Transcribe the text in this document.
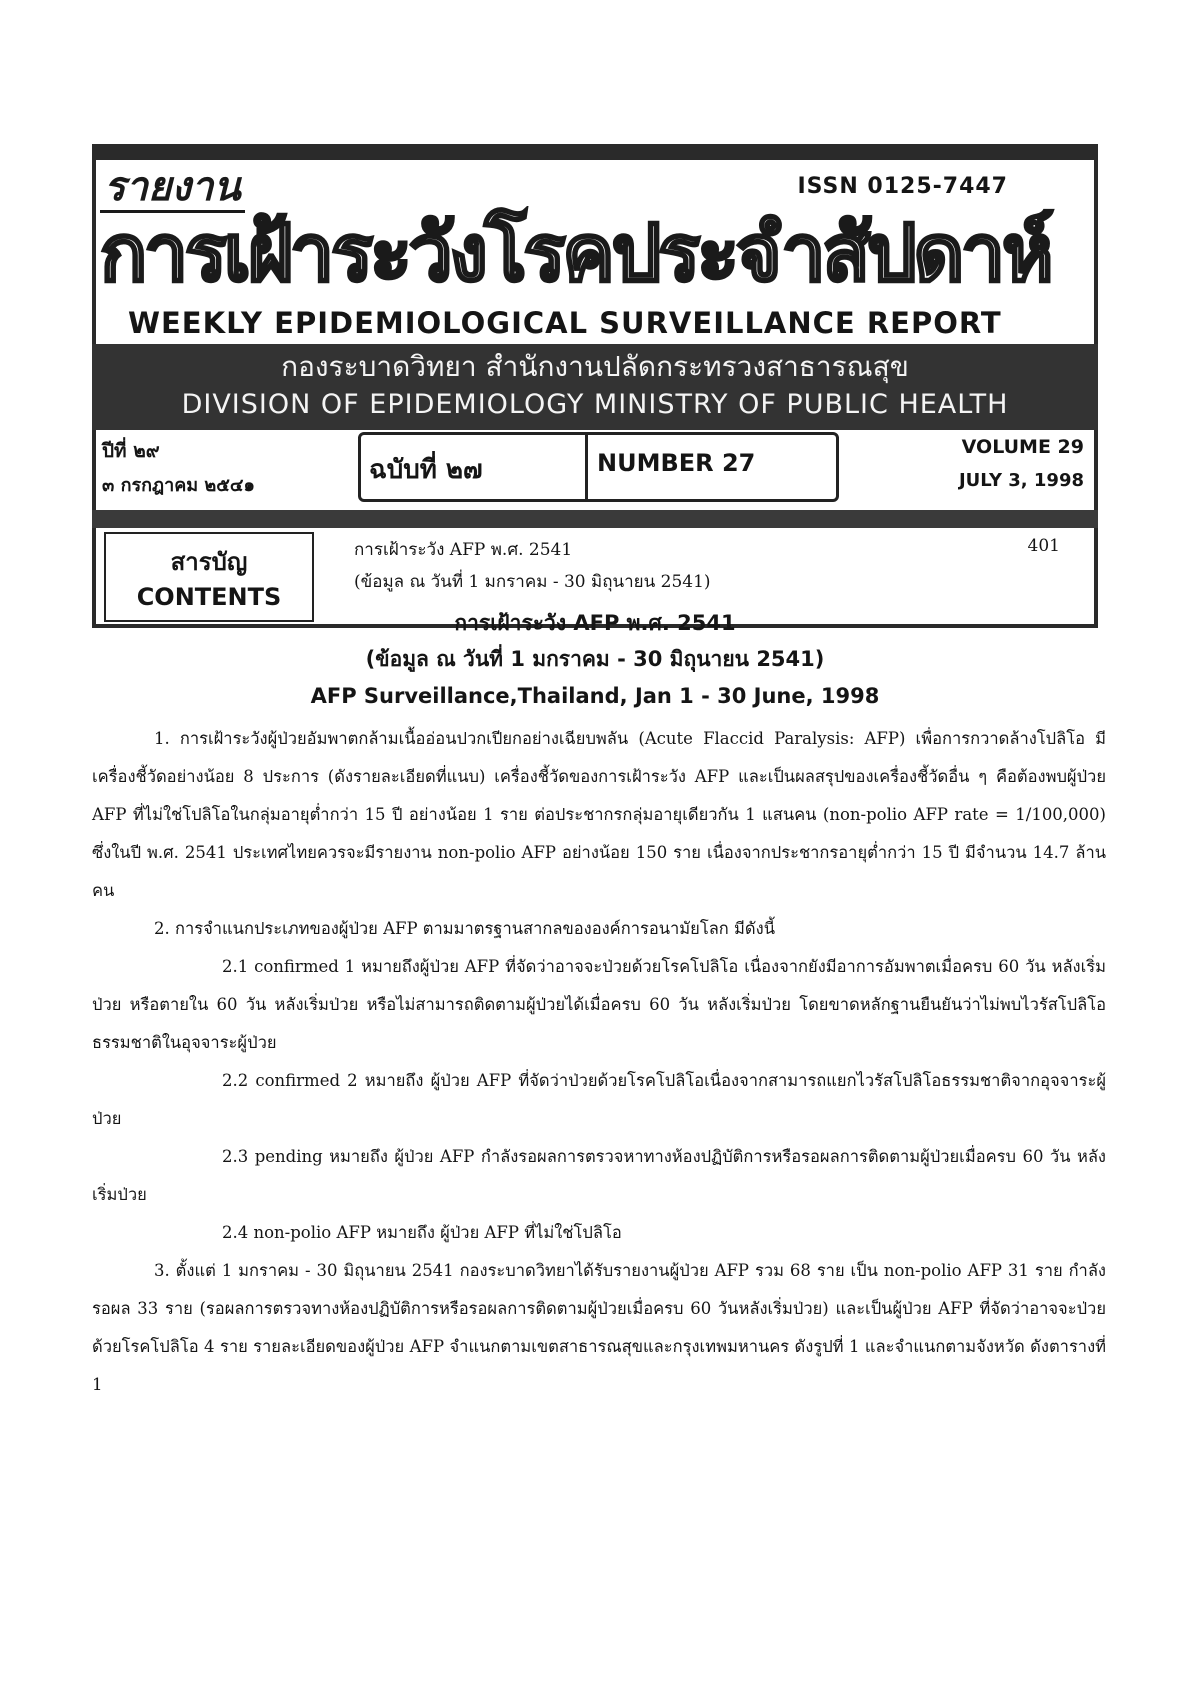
รายงาน	ISSN 0125-7447
การเฝ้าระวังโรคประจำสัปดาห์
WEEKLY EPIDEMIOLOGICAL SURVEILLANCE REPORT
กองระบาดวิทยา สำนักงานปลัดกระทรวงสาธารณสุข
DIVISION OF EPIDEMIOLOGY MINISTRY OF PUBLIC HEALTH
ปีที่ ๒๙
๓ กรกฎาคม ๒๕๔๑
ฉบับที่ ๒๗	NUMBER 27
VOLUME 29
JULY 3, 1998
สารบัญ
CONTENTS
การเฝ้าระวัง AFP พ.ศ. 2541
(ข้อมูล ณ วันที่ 1 มกราคม - 30 มิถุนายน 2541)
401
การเฝ้าระวัง AFP พ.ศ. 2541
(ข้อมูล ณ วันที่ 1 มกราคม - 30 มิถุนายน 2541)
AFP Surveillance,Thailand, Jan 1 - 30 June, 1998

1. การเฝ้าระวังผู้ป่วยอัมพาตกล้ามเนื้ออ่อนปวกเปียกอย่างเฉียบพลัน (Acute Flaccid Paralysis: AFP) เพื่อการกวาดล้างโปลิโอ มีเครื่องชี้วัดอย่างน้อย 8 ประการ (ดังรายละเอียดที่แนบ) เครื่องชี้วัดของการเฝ้าระวัง AFP และเป็นผลสรุปของเครื่องชี้วัดอื่น ๆ คือต้องพบผู้ป่วย AFP ที่ไม่ใช่โปลิโอในกลุ่มอายุต่ำกว่า 15 ปี อย่างน้อย 1 ราย ต่อประชากรกลุ่มอายุเดียวกัน 1 แสนคน (non-polio AFP rate = 1/100,000) ซึ่งในปี พ.ศ. 2541 ประเทศไทยควรจะมีรายงาน non-polio AFP อย่างน้อย 150 ราย เนื่องจากประชากรอายุต่ำกว่า 15 ปี มีจำนวน 14.7 ล้านคน

2. การจำแนกประเภทของผู้ป่วย AFP ตามมาตรฐานสากลขององค์การอนามัยโลก มีดังนี้

2.1 confirmed 1 หมายถึงผู้ป่วย AFP ที่จัดว่าอาจจะป่วยด้วยโรคโปลิโอ เนื่องจากยังมีอาการอัมพาตเมื่อครบ 60 วัน หลังเริ่มป่วย หรือตายใน 60 วัน หลังเริ่มป่วย หรือไม่สามารถติดตามผู้ป่วยได้เมื่อครบ 60 วัน หลังเริ่มป่วย โดยขาดหลักฐานยืนยันว่าไม่พบไวรัสโปลิโอธรรมชาติในอุจจาระผู้ป่วย

2.2 confirmed 2 หมายถึง ผู้ป่วย AFP ที่จัดว่าป่วยด้วยโรคโปลิโอเนื่องจากสามารถแยกไวรัสโปลิโอธรรมชาติจากอุจจาระผู้ป่วย

2.3 pending หมายถึง ผู้ป่วย AFP กำลังรอผลการตรวจหาทางห้องปฏิบัติการหรือรอผลการติดตามผู้ป่วยเมื่อครบ 60 วัน หลังเริ่มป่วย

2.4 non-polio AFP หมายถึง ผู้ป่วย AFP ที่ไม่ใช่โปลิโอ

3. ตั้งแต่ 1 มกราคม - 30 มิถุนายน 2541 กองระบาดวิทยาได้รับรายงานผู้ป่วย AFP รวม 68 ราย เป็น non-polio AFP 31 ราย กำลังรอผล 33 ราย (รอผลการตรวจทางห้องปฏิบัติการหรือรอผลการติดตามผู้ป่วยเมื่อครบ 60 วันหลังเริ่มป่วย) และเป็นผู้ป่วย AFP ที่จัดว่าอาจจะป่วยด้วยโรคโปลิโอ 4 ราย รายละเอียดของผู้ป่วย AFP จำแนกตามเขตสาธารณสุขและกรุงเทพมหานคร ดังรูปที่ 1 และจำแนกตามจังหวัด ดังตารางที่ 1
